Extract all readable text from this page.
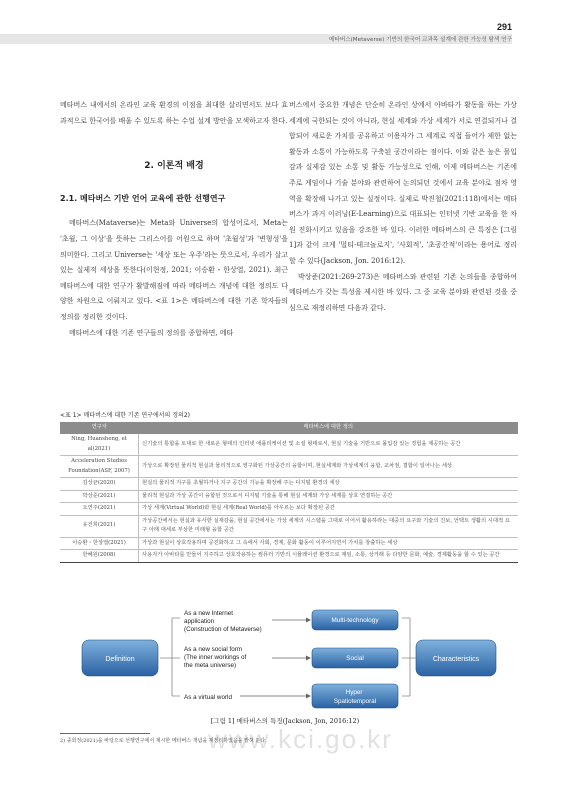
291
메타버스(Metaverse) 기반의 한국어 교과목 설계에 관한 가능성 탐색 연구

메타버스 내에서의 온라인 교육 환경의 이점을 최대한 살리면서도 보다 효과적으로 한국어를 배울 수 있도록 하는 수업 설계 방안을 모색하고자 한다.

2. 이론적 배경
2.1. 메타버스 기반 언어 교육에 관한 선행연구

메타버스(Mataverse)는 Meta와 Universe의 합성어로서, Meta는 '초월, 그 이상'을 뜻하는 그리스어를 어원으로 하며 '초월성'과 '변형성'을 의미한다. 그리고 Universe는 '세상 또는 우주'라는 뜻으로서, 우리가 살고 있는 실제적 세상을 뜻한다(이현정, 2021; 이승환・한상열, 2021). 최근 메타버스에 대한 연구가 활발해짐에 따라 메타버스 개념에 대한 정의도 다양한 차원으로 이뤄지고 있다. <표 1>은 메타버스에 대한 기존 학자들의 정의를 정리한 것이다.

메타버스에 대한 기존 연구들의 정의를 종합하면, 메타

버스에서 중요한 개념은 단순히 온라인 상에서 아바타가 활동을 하는 가상 세계에 국한되는 것이 아니라, 현실 세계와 가상 세계가 서로 연결되거나 결합되어 새로운 가치를 공유하고 이용자가 그 세계로 직접 들어가 제한 없는 활동과 소통이 가능하도록 구축된 공간이라는 점이다. 이와 같은 높은 몰입감과 실제감 있는 소통 및 활동 가능성으로 인해, 이제 메타버스는 기존에 주로 게임이나 기술 분야와 관련하여 논의되던 것에서 교육 분야로 점차 영역을 확장해 나가고 있는 실정이다. 실제로 박진철(2021:118)에서는 메타버스가 과거 이러닝(E-Learning)으로 대표되는 인터넷 기반 교육을 한 차원 진화시키고 있음을 강조한 바 있다. 이러한 메타버스의 큰 특징은 [그림 1]과 같이 크게 '멀티-테크놀로지', '사회적', '초공간적'이라는 용어로 정리할 수 있다(Jackson, Jon. 2016:12).

박상준(2021:269-273)은 메타버스와 관련된 기존 논의들을 종합하여 메타버스가 갖는 특성을 제시한 바 있다. 그 중 교육 분야와 관련된 것을 중심으로 재정리하면 다음과 같다.

<표 1> 메타버스에 대한 기존 연구에서의 정의2)
연구자	메타버스에 대한 정의
Ning, Huansheng, et al(2021)	신기술의 통합을 토대로 한 새로운 형태의 인터넷 애플리케이션 및 소셜 형태로서, 현실 기술을 기반으로 몰입감 있는 경험을 제공하는 공간
Acceleration Studies Foundation(ASF, 2007)	가상으로 확장된 물리적 현실과 물리적으로 영구화된 가상공간의 융합이며, 현실세계와 가상세계의 융합, 교차점, 결합이 일어나는 세상
김상균(2020)	현실의 물리적 지구를 초월하거나 지구 공간의 기능을 확장해 주는 디지털 환경의 세상
박상준(2021)	물리적 현실과 가상 공간이 융합된 것으로서 디지털 기술을 통해 현실 세계와 가상 세계를 상호 연결하는 공간
오연주(2021)	가상 세계(Virtual World)와 현실 세계(Real World)를 아우르는 보다 확장된 공간
유진희(2021)	가상공간에서는 현실과 유사한 실재감을, 현실 공간에서는 가상 세계의 시스템을 그대로 이어서 활용하라는 대중의 요구와 기술의 진보, 언택트 생활의 시대적 요구 아래 대세로 부상한 미래형 융합 공간
이승환・한상열(2021)	가상과 현실이 상호작용하며 공진화하고 그 속에서 사회, 경제, 문화 활동이 이루어지면서 가치를 창출하는 세상
한혜원(2008)	사용자가 아바타를 만들어 지주하고 상호작용하는 컴퓨터 기반의 시뮬레이션 환경으로 재임, 소통, 상거래 등 다양한 문화, 예술, 경제활동을 할 수 있는 공간
Definition	Characteristics
As a new Internet application (Construction of Metaverse)
As a new social form (The inner workings of the meta universe)
As a virtual world
Multi-technology
Social
Hyper Spatiotemporal
[그림 1] 메타버스의 특징(Jackson, Jon, 2016:12)
www.kci.go.kr
2) 종희정(2021)을 바탕으로 선행연구에서 제시한 메타버스 개념을 재정리하였음을 밝혀 둔다.
